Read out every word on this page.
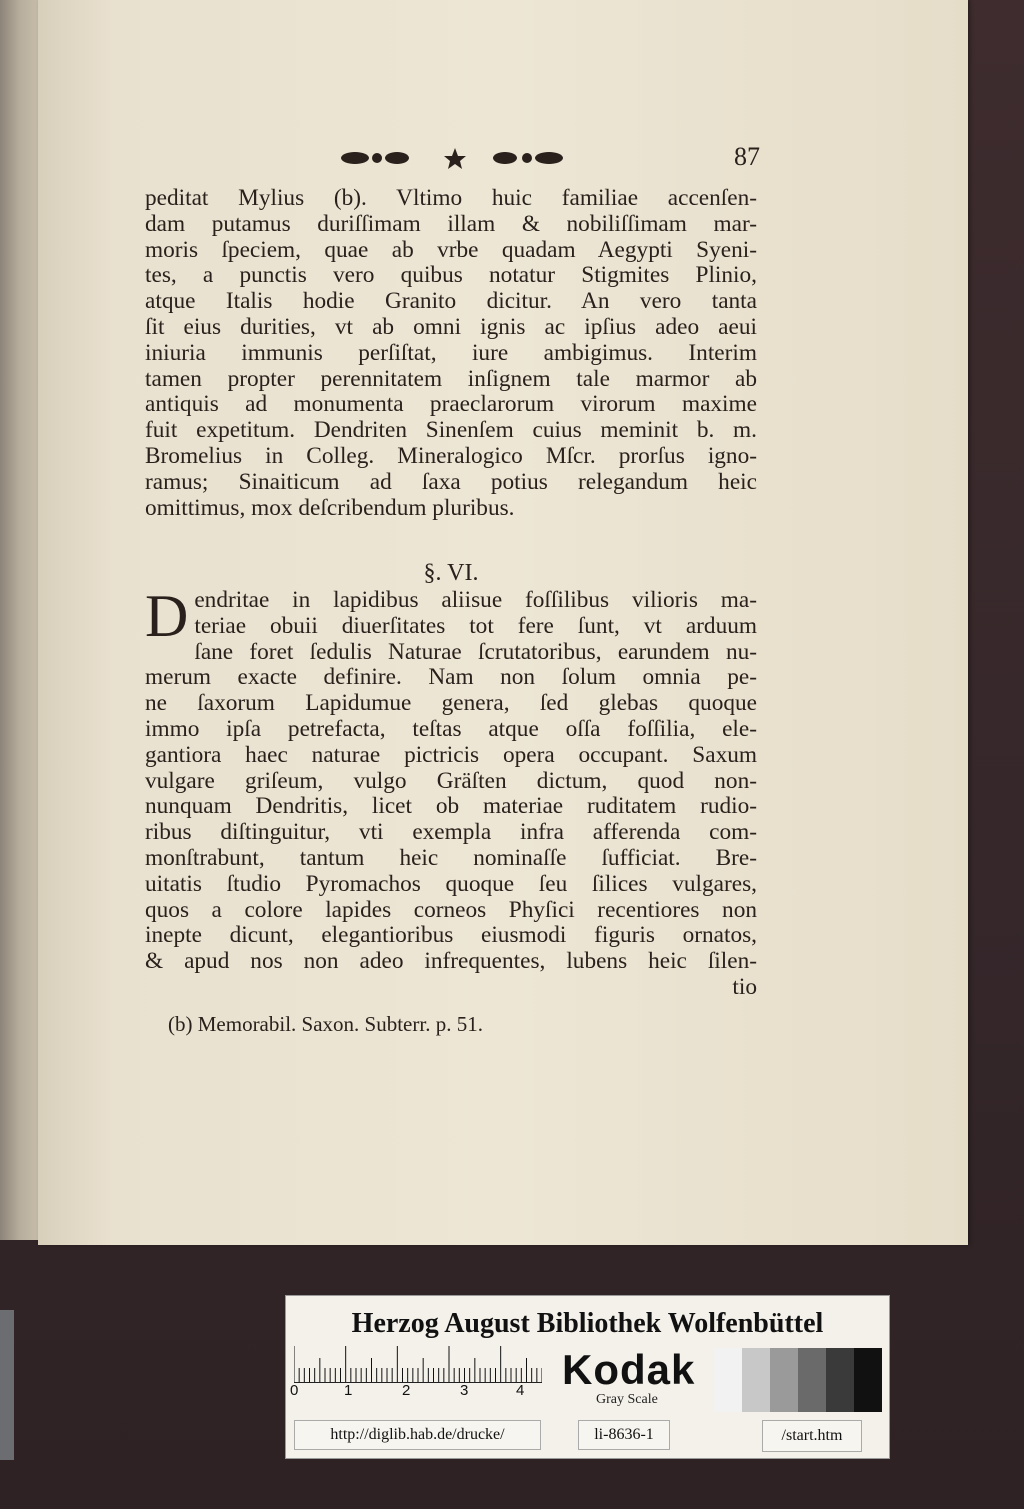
87
peditat Mylius (b). Vltimo huic familiae accenſen-
dam putamus duriſſimam illam & nobiliſſimam mar-
moris ſpeciem, quae ab vrbe quadam Aegypti Syeni-
tes, a punctis vero quibus notatur Stigmites Plinio,
atque Italis hodie Granito dicitur. An vero tanta
ſit eius durities, vt ab omni ignis ac ipſius adeo aeui
iniuria immunis perſiſtat, iure ambigimus. Interim
tamen propter perennitatem inſignem tale marmor ab
antiquis ad monumenta praeclarorum virorum maxime
fuit expetitum. Dendriten Sinenſem cuius meminit b. m.
Bromelius in Colleg. Mineralogico Mſcr. prorſus igno-
ramus; Sinaiticum ad ſaxa potius relegandum heic
omittimus, mox deſcribendum pluribus.
§. VI.
D endritae in lapidibus aliisue foſſilibus vilioris ma-
teriae obuii diuerſitates tot fere ſunt, vt arduum
ſane foret ſedulis Naturae ſcrutatoribus, earundem nu-
merum exacte definire. Nam non ſolum omnia pe-
ne ſaxorum Lapidumue genera, ſed glebas quoque
immo ipſa petrefacta, teſtas atque oſſa foſſilia, ele-
gantiora haec naturae pictricis opera occupant. Saxum
vulgare griſeum, vulgo Gräſten dictum, quod non-
nunquam Dendritis, licet ob materiae ruditatem rudio-
ribus diſtinguitur, vti exempla infra afferenda com-
monſtrabunt, tantum heic nominaſſe ſufficiat. Bre-
uitatis ſtudio Pyromachos quoque ſeu ſilices vulgares,
quos a colore lapides corneos Phyſici recentiores non
inepte dicunt, elegantioribus eiusmodi figuris ornatos,
& apud nos non adeo infrequentes, lubens heic ſilen-
tio
(b) Memorabil. Saxon. Subterr. p. 51.
Herzog August Bibliothek Wolfenbüttel
0	1	2	3	4 Kodak
Gray Scale
http://diglib.hab.de/drucke/	li-8636-1	/start.htm
